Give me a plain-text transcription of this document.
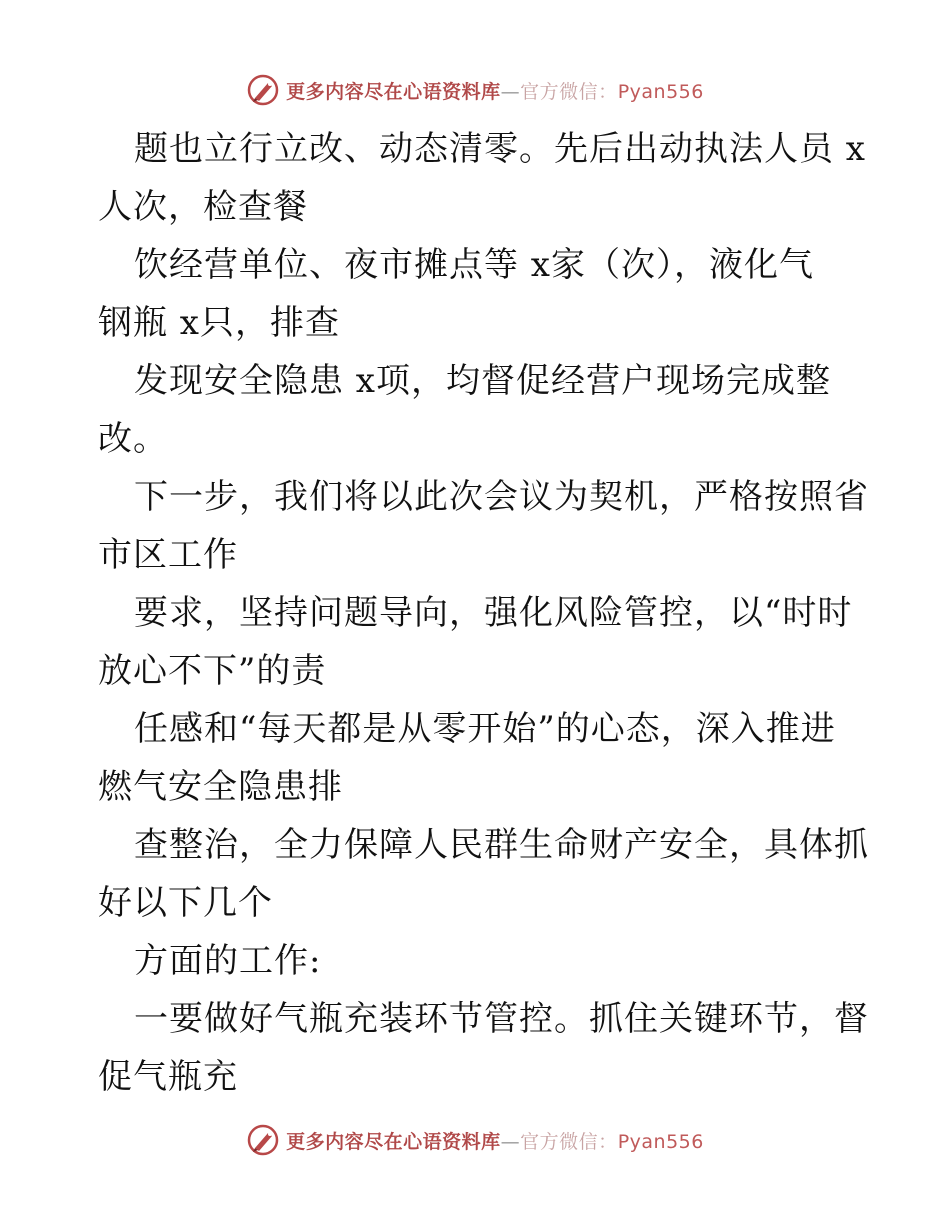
更多内容尽在心语资料库—官方微信：Pyan556
题也立行立改、动态清零。先后出动执法人员 x
人次，检查餐
饮经营单位、夜市摊点等 x家（次），液化气
钢瓶 x只，排查
发现安全隐患 x项，均督促经营户现场完成整
改。
下一步，我们将以此次会议为契机，严格按照省
市区工作
要求，坚持问题导向，强化风险管控，以“时时
放心不下”的责
任感和“每天都是从零开始”的心态，深入推进
燃气安全隐患排
查整治，全力保障人民群生命财产安全，具体抓
好以下几个
方面的工作:
一要做好气瓶充装环节管控。抓住关键环节，督
促气瓶充
更多内容尽在心语资料库—官方微信：Pyan556
